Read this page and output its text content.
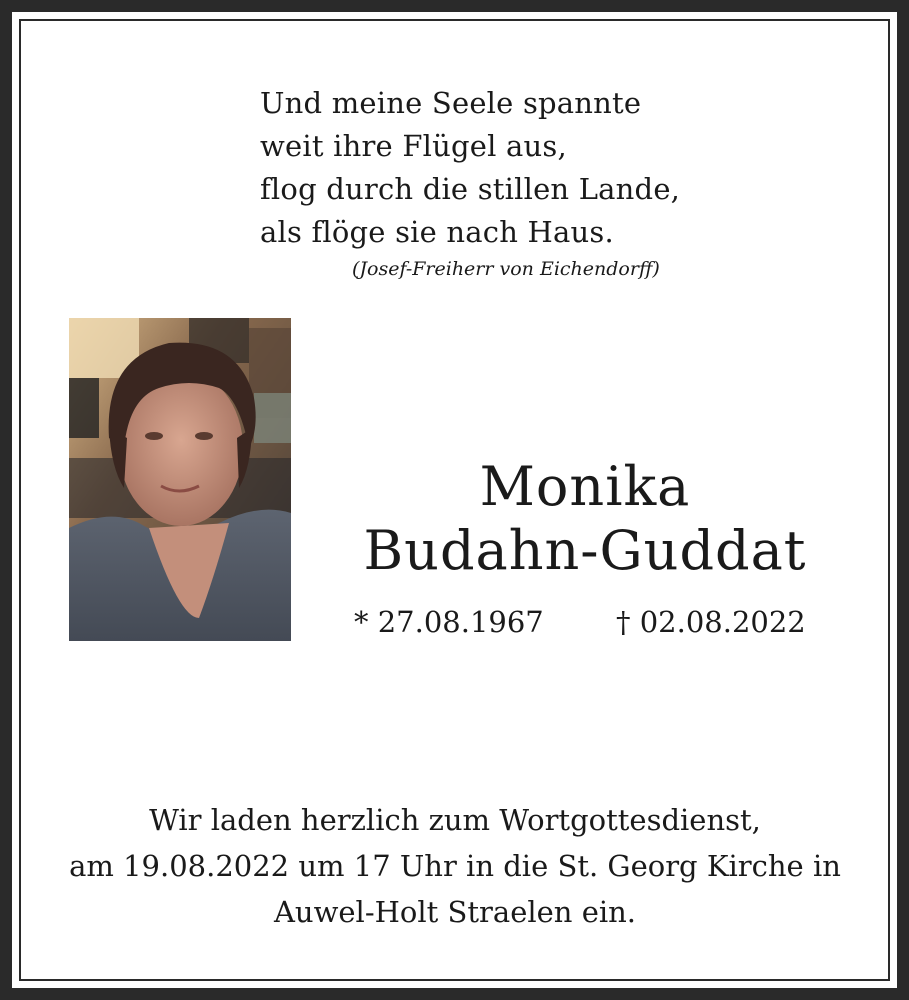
Und meine Seele spannte
weit ihre Flügel aus,
flog durch die stillen Lande,
als flöge sie nach Haus.
(Josef-Freiherr von Eichendorff)
Monika
Budahn-Guddat
* 27.08.1967 † 02.08.2022
Wir laden herzlich zum Wortgottesdienst,
am 19.08.2022 um 17 Uhr in die St. Georg Kirche in
Auwel-Holt Straelen ein.
